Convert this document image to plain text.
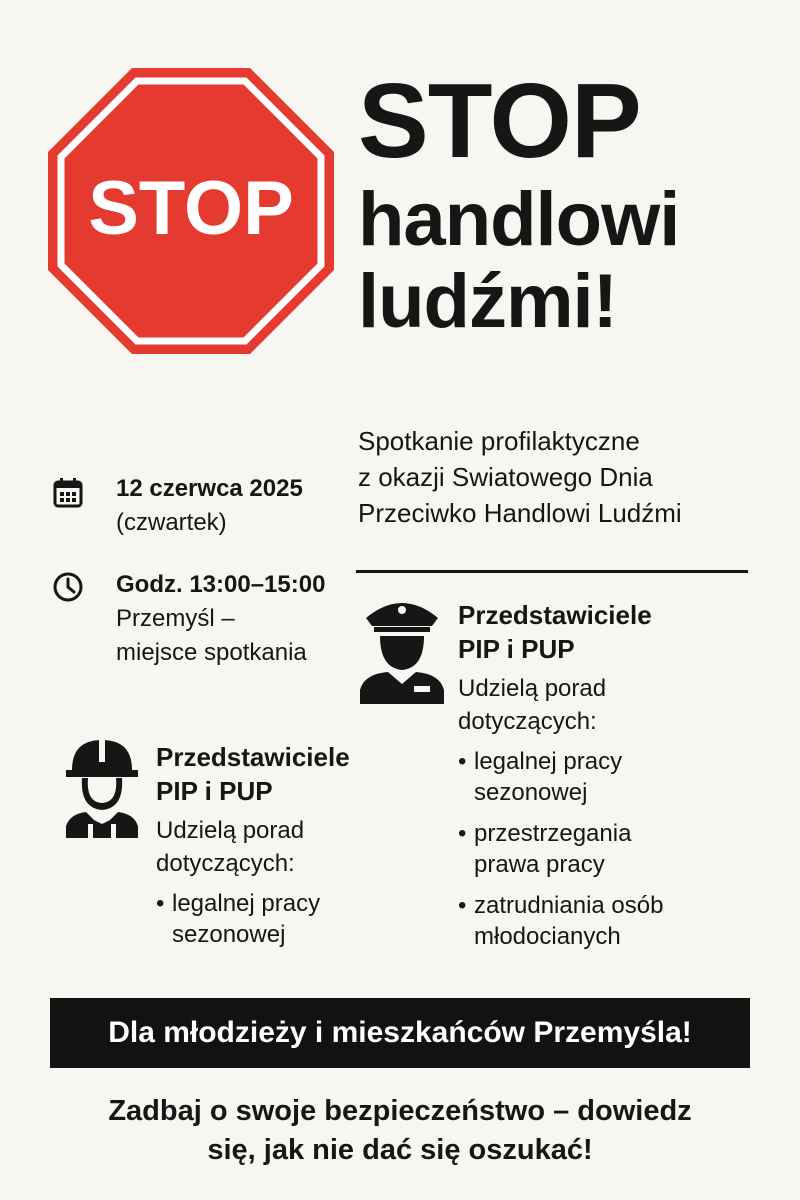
STOP
STOP
handlowi
ludźmi!
Spotkanie profilaktyczne
z okazji Swiatowego Dnia
Przeciwko Handlowi Ludźmi
12 czerwca 2025
(czwartek)
Godz. 13:00–15:00
Przemyśl –
miejsce spotkania
Przedstawiciele
PIP i PUP
Udzielą porad
dotyczących:
• legalnej pracy
sezonowej
• przestrzegania
prawa pracy
• zatrudniania osób
młodocianych
Przedstawiciele
PIP i PUP
Udzielą porad
dotyczących:
• legalnej pracy
sezonowej
Dla młodzieży i mieszkańców Przemyśla!
Zadbaj o swoje bezpieczeństwo – dowiedz
się, jak nie dać się oszukać!
